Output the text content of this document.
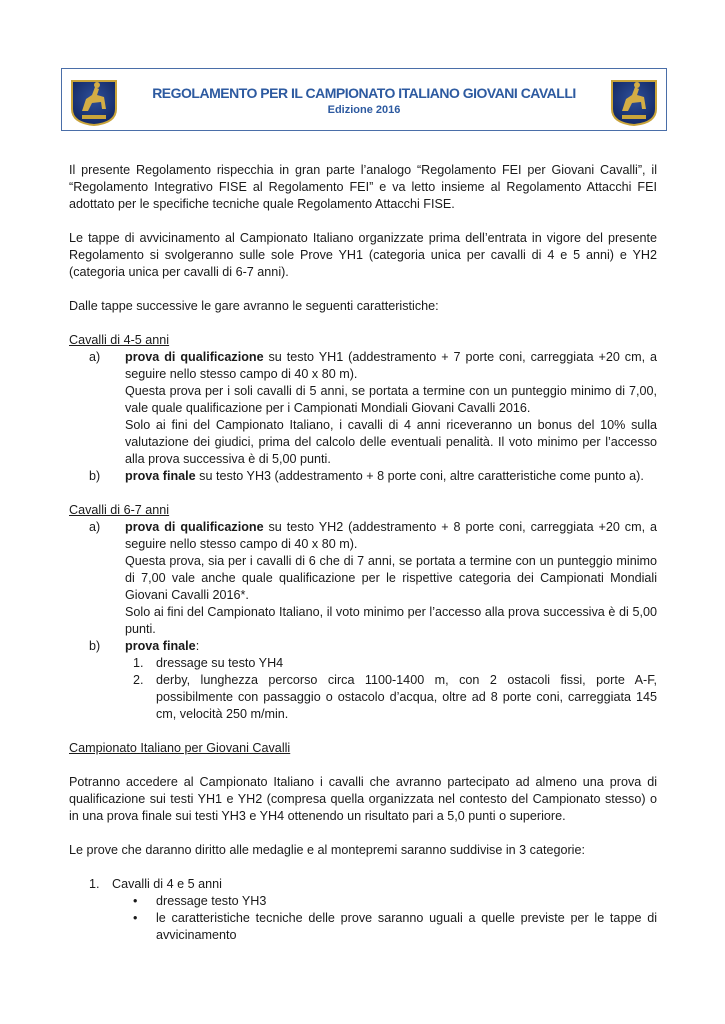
REGOLAMENTO PER IL CAMPIONATO ITALIANO GIOVANI CAVALLI
Edizione 2016

Il presente Regolamento rispecchia in gran parte l’analogo “Regolamento FEI per Giovani Cavalli”, il “Regolamento Integrativo FISE al Regolamento FEI” e va letto insieme al Regolamento Attacchi FEI adottato per le specifiche tecniche quale Regolamento Attacchi FISE.

Le tappe di avvicinamento al Campionato Italiano organizzate prima dell’entrata in vigore del presente Regolamento si svolgeranno sulle sole Prove YH1 (categoria unica per cavalli di 4 e 5 anni) e YH2 (categoria unica per cavalli di 6-7 anni).

Dalle tappe successive le gare avranno le seguenti caratteristiche:

Cavalli di 4-5 anni

a) prova di qualificazione su testo YH1 (addestramento + 7 porte coni, carreggiata +20 cm, a seguire nello stesso campo di 40 x 80 m).
Questa prova per i soli cavalli di 5 anni, se portata a termine con un punteggio minimo di 7,00, vale quale qualificazione per i Campionati Mondiali Giovani Cavalli 2016.
Solo ai fini del Campionato Italiano, i cavalli di 4 anni riceveranno un bonus del 10% sulla valutazione dei giudici, prima del calcolo delle eventuali penalità. Il voto minimo per l’accesso alla prova successiva è di 5,00 punti.
b) prova finale su testo YH3 (addestramento + 8 porte coni, altre caratteristiche come punto a).

Cavalli di 6-7 anni

a) prova di qualificazione su testo YH2 (addestramento + 8 porte coni, carreggiata +20 cm, a seguire nello stesso campo di 40 x 80 m).
Questa prova, sia per i cavalli di 6 che di 7 anni, se portata a termine con un punteggio minimo di 7,00 vale anche quale qualificazione per le rispettive categoria dei Campionati Mondiali Giovani Cavalli 2016*.
Solo ai fini del Campionato Italiano, il voto minimo per l’accesso alla prova successiva è di 5,00 punti.
b) prova finale:
1. dressage su testo YH4
2. derby, lunghezza percorso circa 1100-1400 m, con 2 ostacoli fissi, porte A-F, possibilmente con passaggio o ostacolo d’acqua, oltre ad 8 porte coni, carreggiata 145 cm, velocità 250 m/min.

Campionato Italiano per Giovani Cavalli

Potranno accedere al Campionato Italiano i cavalli che avranno partecipato ad almeno una prova di qualificazione sui testi YH1 e YH2 (compresa quella organizzata nel contesto del Campionato stesso) o in una prova finale sui testi YH3 e YH4 ottenendo un risultato pari a 5,0 punti o superiore.

Le prove che daranno diritto alle medaglie e al montepremi saranno suddivise in 3 categorie:

1. Cavalli di 4 e 5 anni
• dressage testo YH3
• le caratteristiche tecniche delle prove saranno uguali a quelle previste per le tappe di avvicinamento
